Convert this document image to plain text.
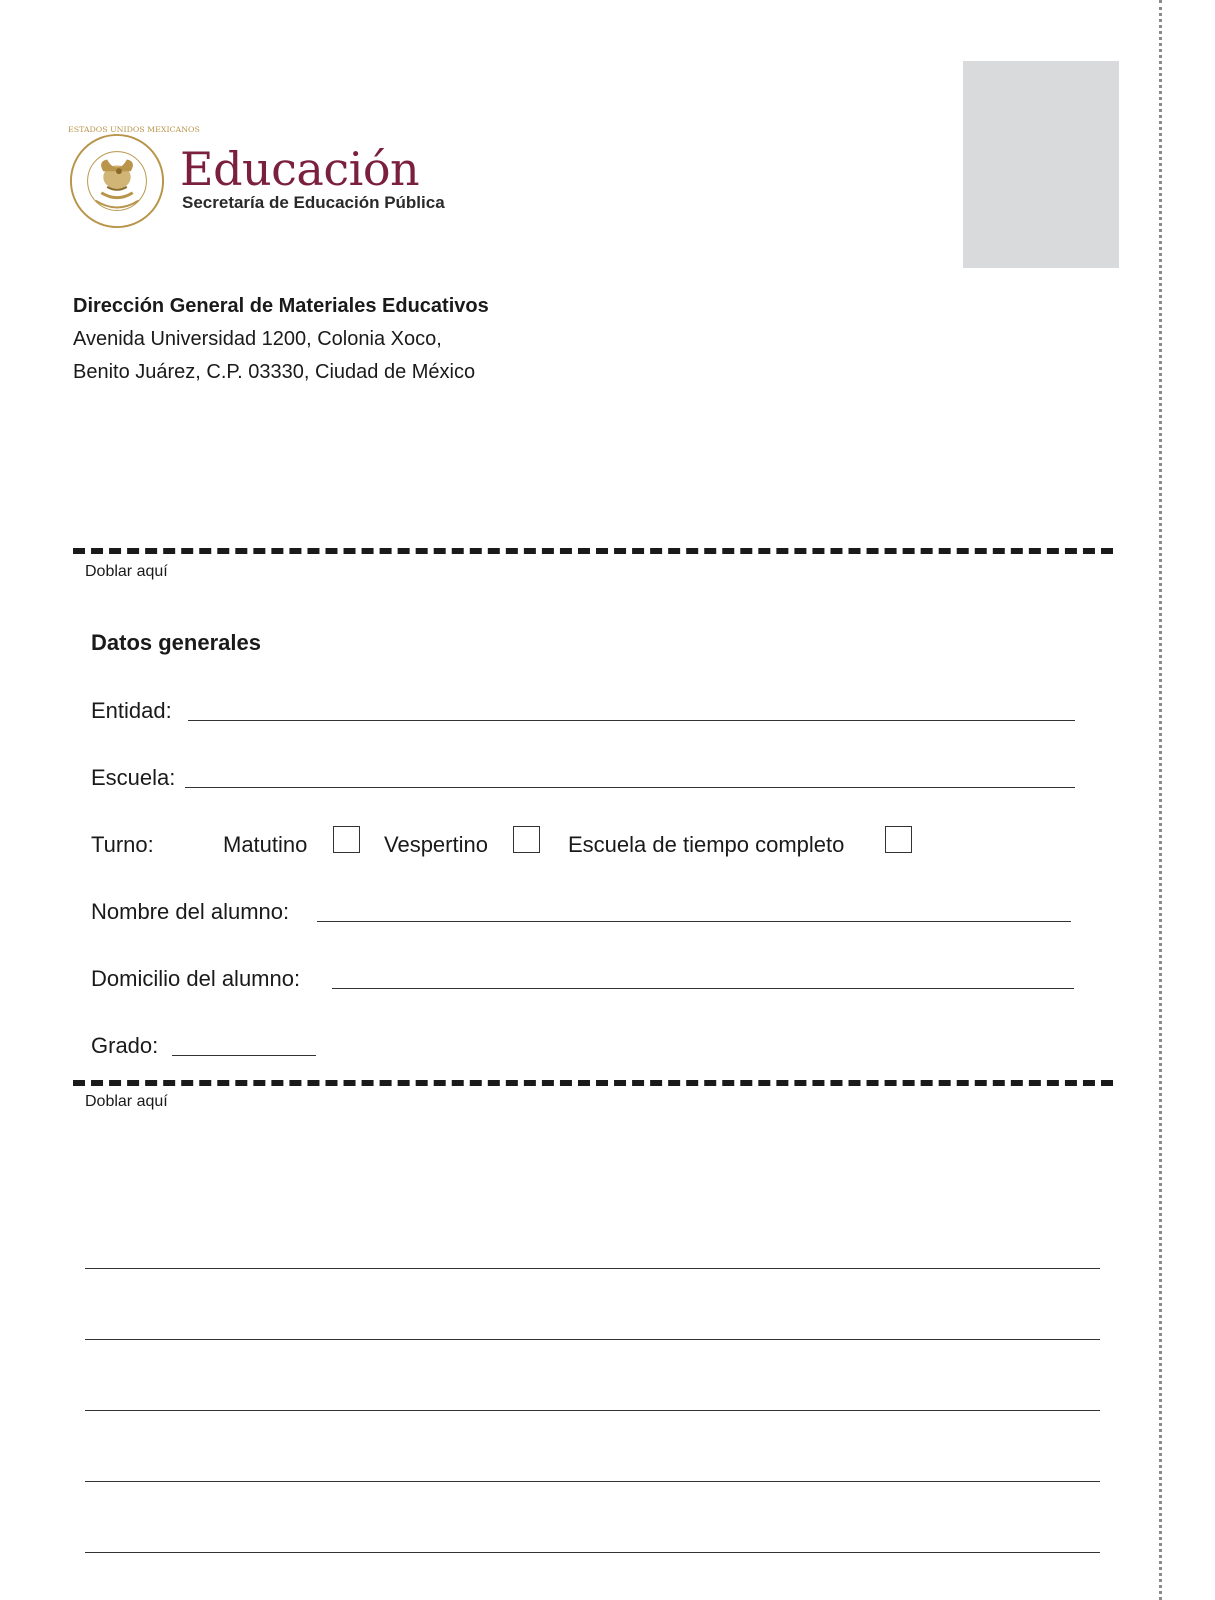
ESTADOS UNIDOS MEXICANOS
Educación
Secretaría de Educación Pública
Dirección General de Materiales Educativos
Avenida Universidad 1200, Colonia Xoco,
Benito Juárez, C.P. 03330, Ciudad de México
Doblar aquí
Datos generales
Entidad:
Escuela:
Turno:	Matutino	Vespertino	Escuela de tiempo completo
Nombre del alumno:
Domicilio del alumno:
Grado:
Doblar aquí
